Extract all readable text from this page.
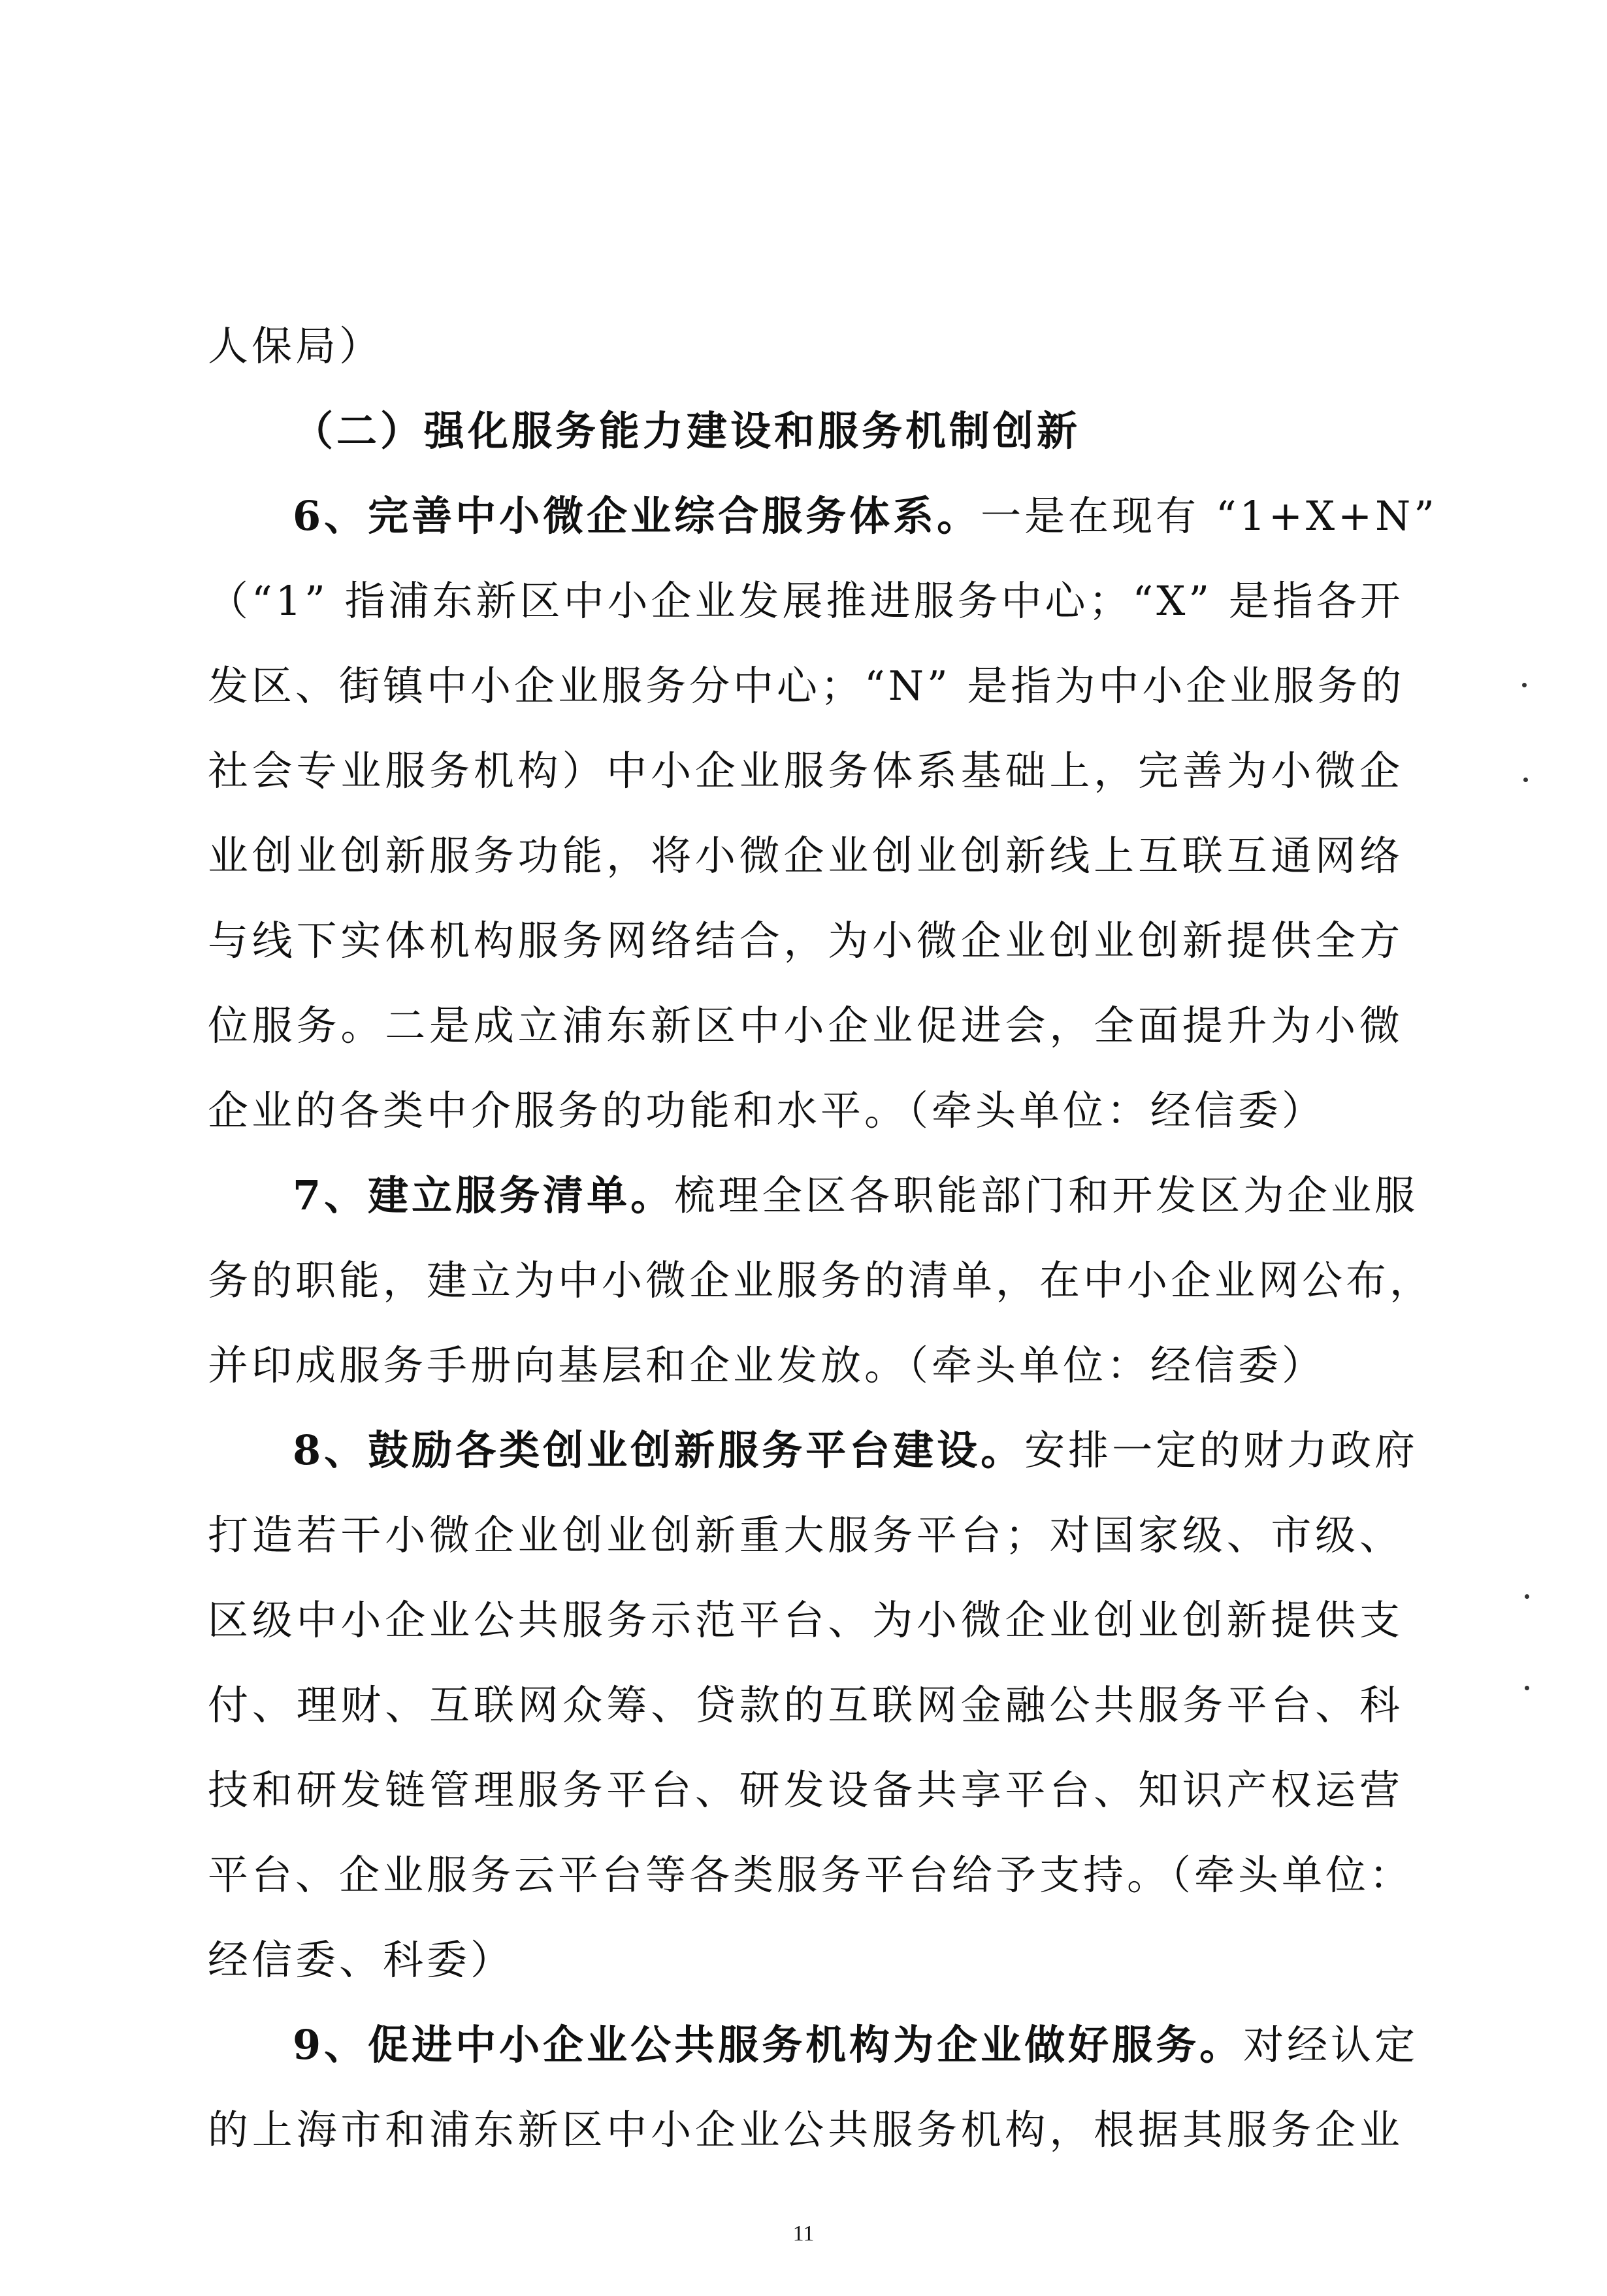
人保局）
（二）强化服务能力建设和服务机制创新
6、完善中小微企业综合服务体系。一是在现有 “1+X+N”
（“1” 指浦东新区中小企业发展推进服务中心；“X” 是指各开
发区、街镇中小企业服务分中心；“N” 是指为中小企业服务的
社会专业服务机构）中小企业服务体系基础上，完善为小微企
业创业创新服务功能，将小微企业创业创新线上互联互通网络
与线下实体机构服务网络结合，为小微企业创业创新提供全方
位服务。二是成立浦东新区中小企业促进会，全面提升为小微
企业的各类中介服务的功能和水平。（牵头单位：经信委）
7、建立服务清单。梳理全区各职能部门和开发区为企业服
务的职能，建立为中小微企业服务的清单，在中小企业网公布，
并印成服务手册向基层和企业发放。（牵头单位：经信委）
8、鼓励各类创业创新服务平台建设。安排一定的财力政府
打造若干小微企业创业创新重大服务平台；对国家级、市级、
区级中小企业公共服务示范平台、为小微企业创业创新提供支
付、理财、互联网众筹、贷款的互联网金融公共服务平台、科
技和研发链管理服务平台、研发设备共享平台、知识产权运营
平台、企业服务云平台等各类服务平台给予支持。（牵头单位：
经信委、科委）
9、促进中小企业公共服务机构为企业做好服务。对经认定
的上海市和浦东新区中小企业公共服务机构，根据其服务企业
11
